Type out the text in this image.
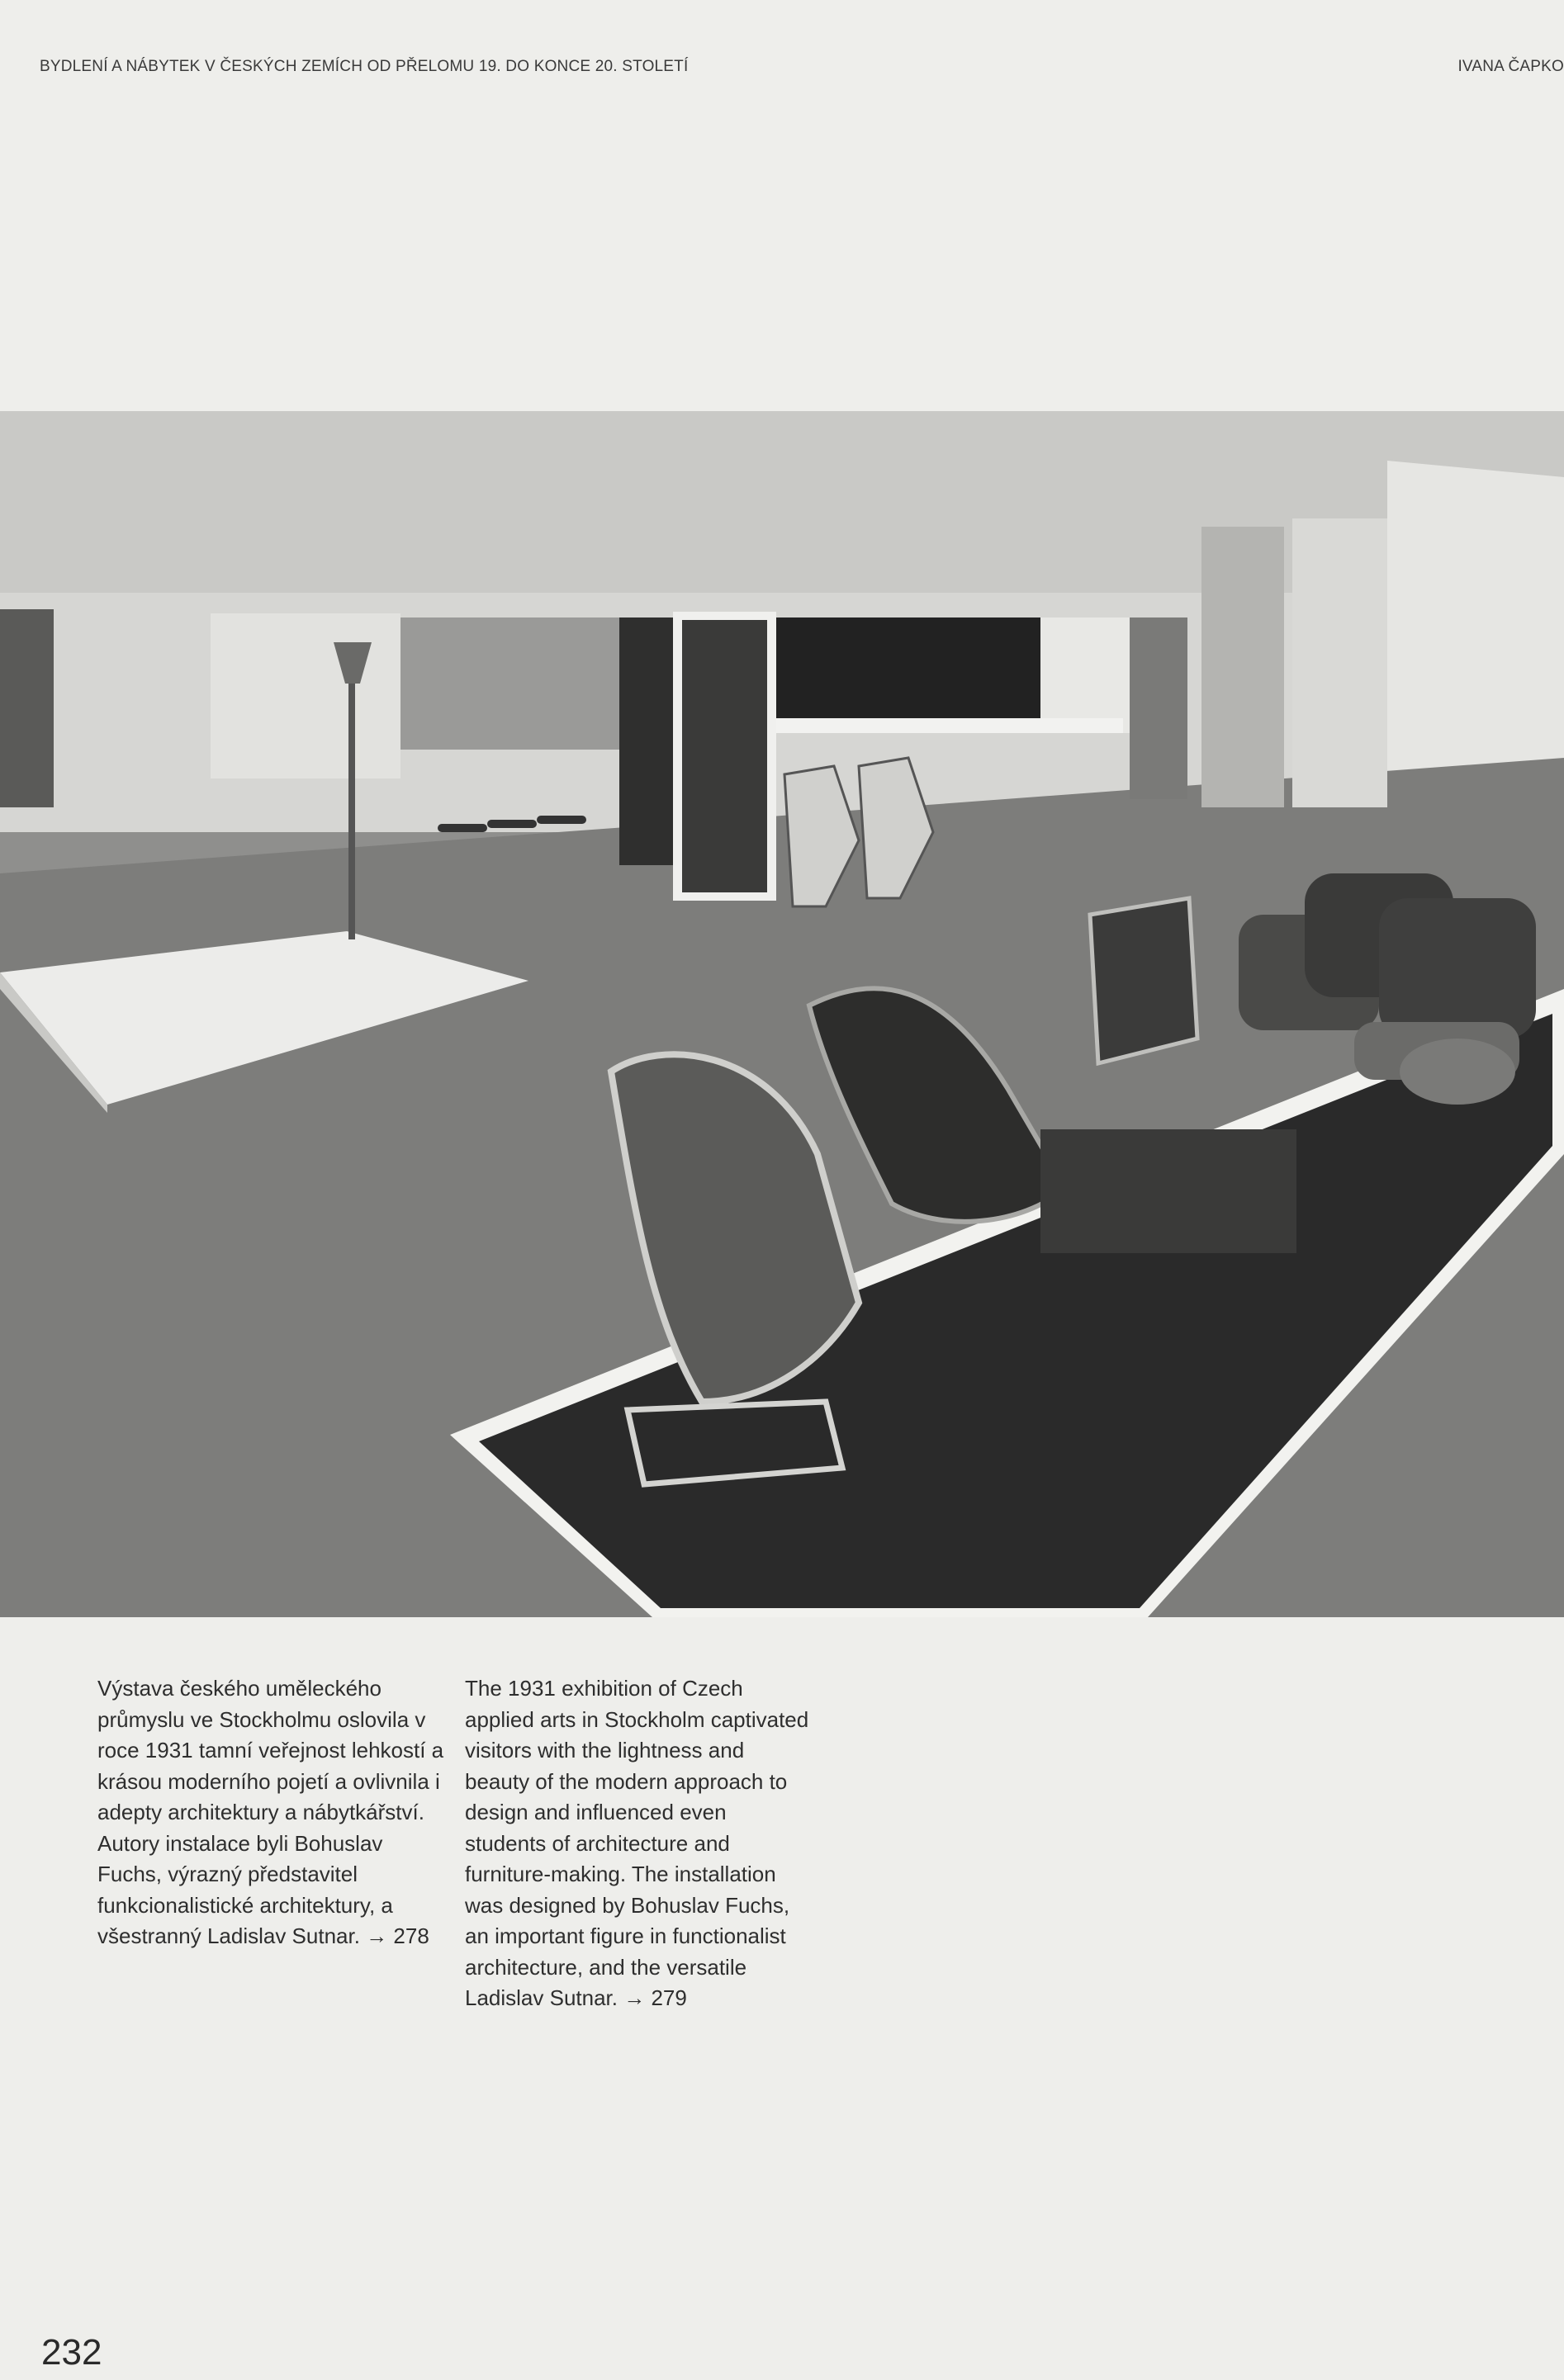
BYDLENÍ A NÁBYTEK V ČESKÝCH ZEMÍCH OD PŘELOMU 19. DO KONCE 20. STOLETÍ	IVANA ČAPKO
Výstava českého uměleckého průmyslu ve Stockholmu oslovila v roce 1931 tamní veřejnost lehkostí a krásou moderního pojetí a ovlivnila i adepty architektury a nábytkářství. Autory instalace byli Bohuslav Fuchs, výrazný představitel funkcionalistické architektury, a všestranný Ladislav Sutnar. → 278
The 1931 exhibition of Czech applied arts in Stockholm captivated visitors with the lightness and beauty of the modern approach to design and influenced even students of architecture and furniture-making. The installation was designed by Bohuslav Fuchs, an important figure in functionalist architecture, and the versatile Ladislav Sutnar. → 279
232
